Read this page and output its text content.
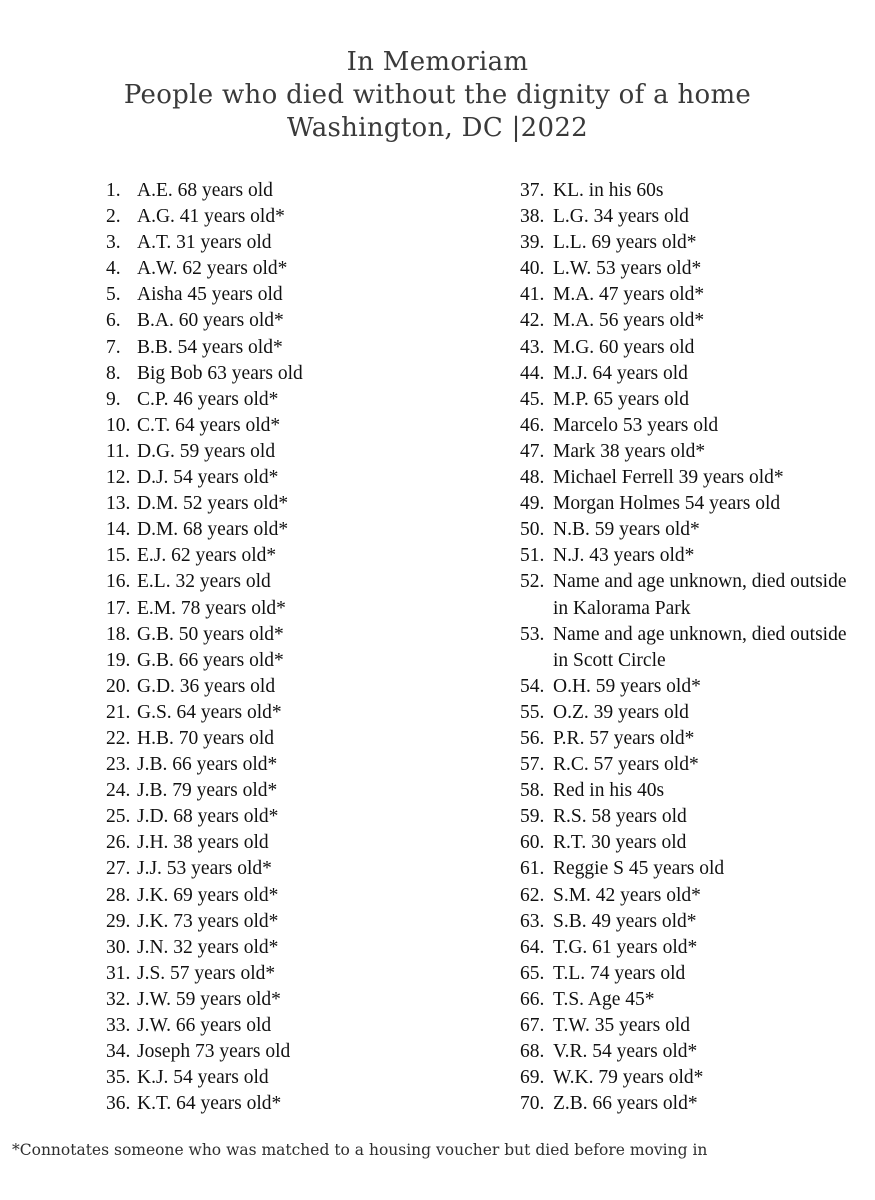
In Memoriam
People who died without the dignity of a home
Washington, DC |2022
1. A.E. 68 years old
2. A.G. 41 years old*
3. A.T. 31 years old
4. A.W. 62 years old*
5. Aisha 45 years old
6. B.A. 60 years old*
7. B.B. 54 years old*
8. Big Bob 63 years old
9. C.P. 46 years old*
10. C.T. 64 years old*
11. D.G. 59 years old
12. D.J. 54 years old*
13. D.M. 52 years old*
14. D.M. 68 years old*
15. E.J. 62 years old*
16. E.L. 32 years old
17. E.M. 78 years old*
18. G.B. 50 years old*
19. G.B. 66 years old*
20. G.D. 36 years old
21. G.S. 64 years old*
22. H.B. 70 years old
23. J.B. 66 years old*
24. J.B. 79 years old*
25. J.D. 68 years old*
26. J.H. 38 years old
27. J.J. 53 years old*
28. J.K. 69 years old*
29. J.K. 73 years old*
30. J.N. 32 years old*
31. J.S. 57 years old*
32. J.W. 59 years old*
33. J.W. 66 years old
34. Joseph 73 years old
35. K.J. 54 years old
36. K.T. 64 years old*
37. KL. in his 60s
38. L.G. 34 years old
39. L.L. 69 years old*
40. L.W. 53 years old*
41. M.A. 47 years old*
42. M.A. 56 years old*
43. M.G. 60 years old
44. M.J. 64 years old
45. M.P. 65 years old
46. Marcelo 53 years old
47. Mark 38 years old*
48. Michael Ferrell 39 years old*
49. Morgan Holmes 54 years old
50. N.B. 59 years old*
51. N.J. 43 years old*
52. Name and age unknown, died outside in Kalorama Park
53. Name and age unknown, died outside in Scott Circle
54. O.H. 59 years old*
55. O.Z. 39 years old
56. P.R. 57 years old*
57. R.C. 57 years old*
58. Red in his 40s
59. R.S. 58 years old
60. R.T. 30 years old
61. Reggie S 45 years old
62. S.M. 42 years old*
63. S.B. 49 years old*
64. T.G. 61 years old*
65. T.L. 74 years old
66. T.S. Age 45*
67. T.W. 35 years old
68. V.R. 54 years old*
69. W.K. 79 years old*
70. Z.B. 66 years old*
*Connotates someone who was matched to a housing voucher but died before moving in
